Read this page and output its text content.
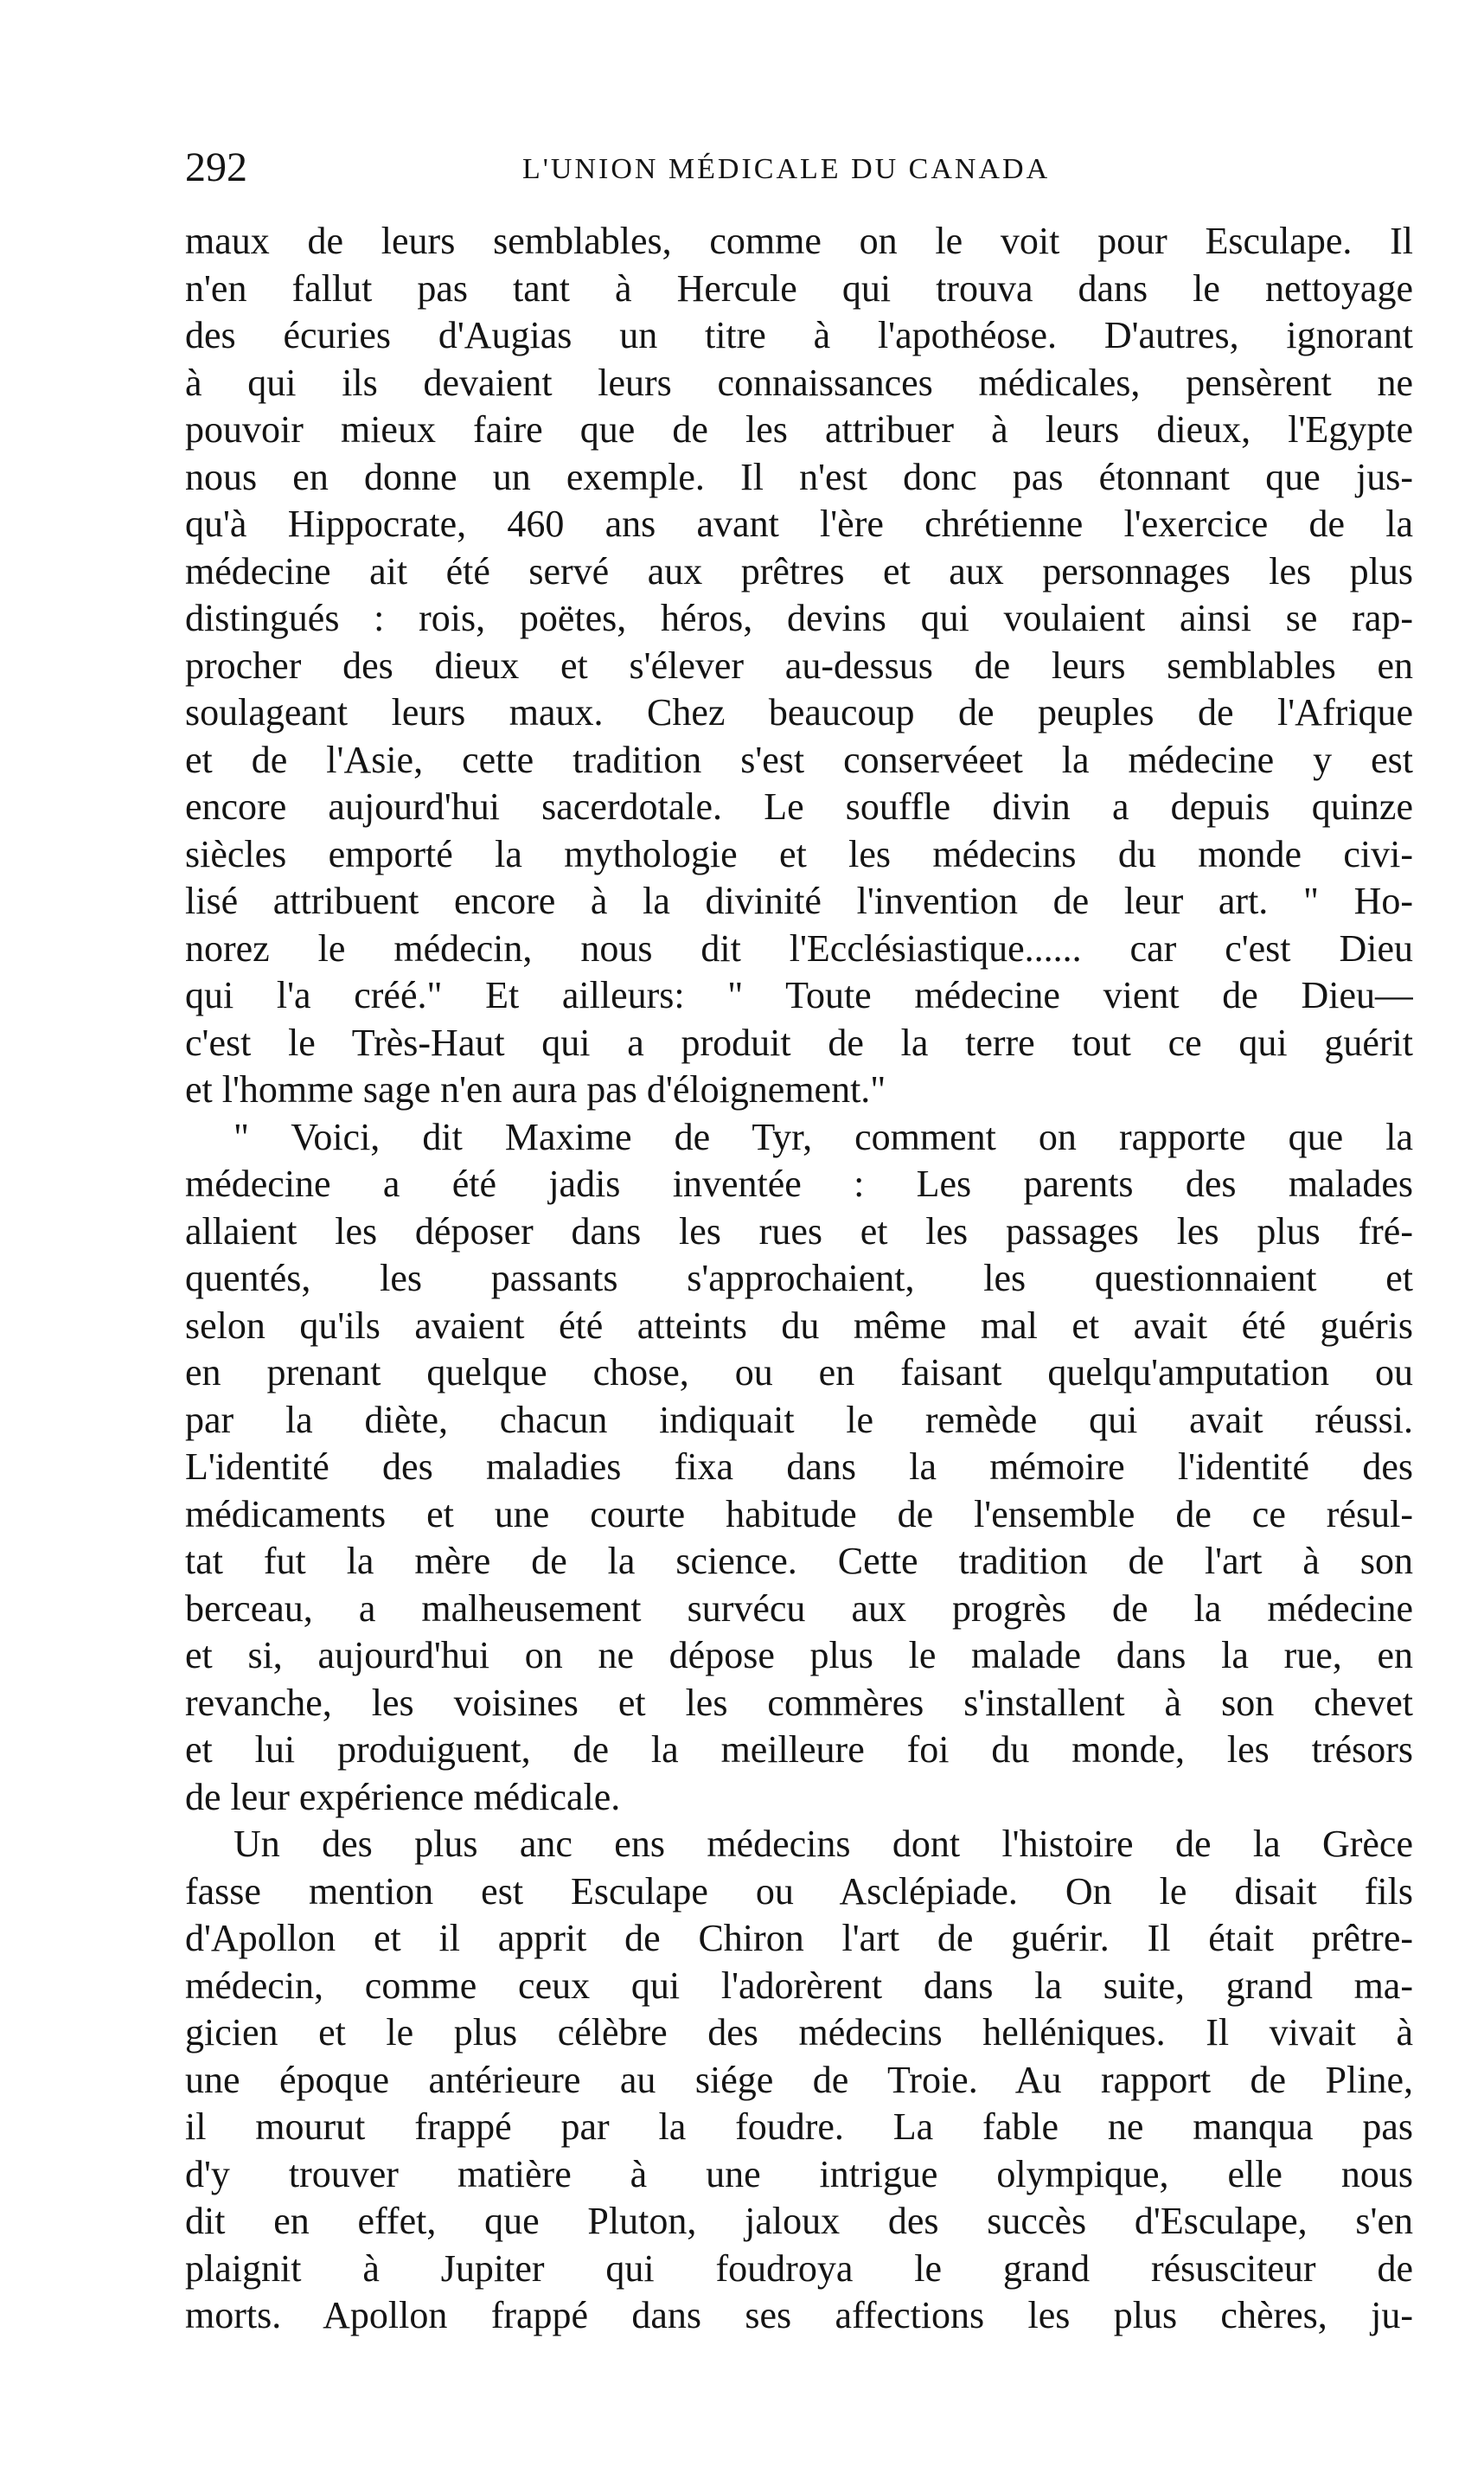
292	L'UNION MÉDICALE DU CANADA
maux de leurs semblables, comme on le voit pour Esculape. Il
n'en fallut pas tant à Hercule qui trouva dans le nettoyage
des écuries d'Augias un titre à l'apothéose. D'autres, ignorant
à qui ils devaient leurs connaissances médicales, pensèrent ne
pouvoir mieux faire que de les attribuer à leurs dieux, l'Egypte
nous en donne un exemple. Il n'est donc pas étonnant que jus-
qu'à Hippocrate, 460 ans avant l'ère chrétienne l'exercice de la
médecine ait été servé aux prêtres et aux personnages les plus
distingués : rois, poëtes, héros, devins qui voulaient ainsi se rap-
procher des dieux et s'élever au-dessus de leurs semblables en
soulageant leurs maux. Chez beaucoup de peuples de l'Afrique
et de l'Asie, cette tradition s'est conservéeet la médecine y est
encore aujourd'hui sacerdotale. Le souffle divin a depuis quinze
siècles emporté la mythologie et les médecins du monde civi-
lisé attribuent encore à la divinité l'invention de leur art. " Ho-
norez le médecin, nous dit l'Ecclésiastique...... car c'est Dieu
qui l'a créé." Et ailleurs: " Toute médecine vient de Dieu—
c'est le Très-Haut qui a produit de la terre tout ce qui guérit
et l'homme sage n'en aura pas d'éloignement."
" Voici, dit Maxime de Tyr, comment on rapporte que la
médecine a été jadis inventée : Les parents des malades
allaient les déposer dans les rues et les passages les plus fré-
quentés, les passants s'approchaient, les questionnaient et
selon qu'ils avaient été atteints du même mal et avait été guéris
en prenant quelque chose, ou en faisant quelqu'amputation ou
par la diète, chacun indiquait le remède qui avait réussi.
L'identité des maladies fixa dans la mémoire l'identité des
médicaments et une courte habitude de l'ensemble de ce résul-
tat fut la mère de la science. Cette tradition de l'art à son
berceau, a malheusement survécu aux progrès de la médecine
et si, aujourd'hui on ne dépose plus le malade dans la rue, en
revanche, les voisines et les commères s'installent à son chevet
et lui produiguent, de la meilleure foi du monde, les trésors
de leur expérience médicale.
Un des plus anc ens médecins dont l'histoire de la Grèce
fasse mention est Esculape ou Asclépiade. On le disait fils
d'Apollon et il apprit de Chiron l'art de guérir. Il était prêtre-
médecin, comme ceux qui l'adorèrent dans la suite, grand ma-
gicien et le plus célèbre des médecins helléniques. Il vivait à
une époque antérieure au siége de Troie. Au rapport de Pline,
il mourut frappé par la foudre. La fable ne manqua pas
d'y trouver matière à une intrigue olympique, elle nous
dit en effet, que Pluton, jaloux des succès d'Esculape, s'en
plaignit à Jupiter qui foudroya le grand résusciteur de
morts. Apollon frappé dans ses affections les plus chères, ju-
